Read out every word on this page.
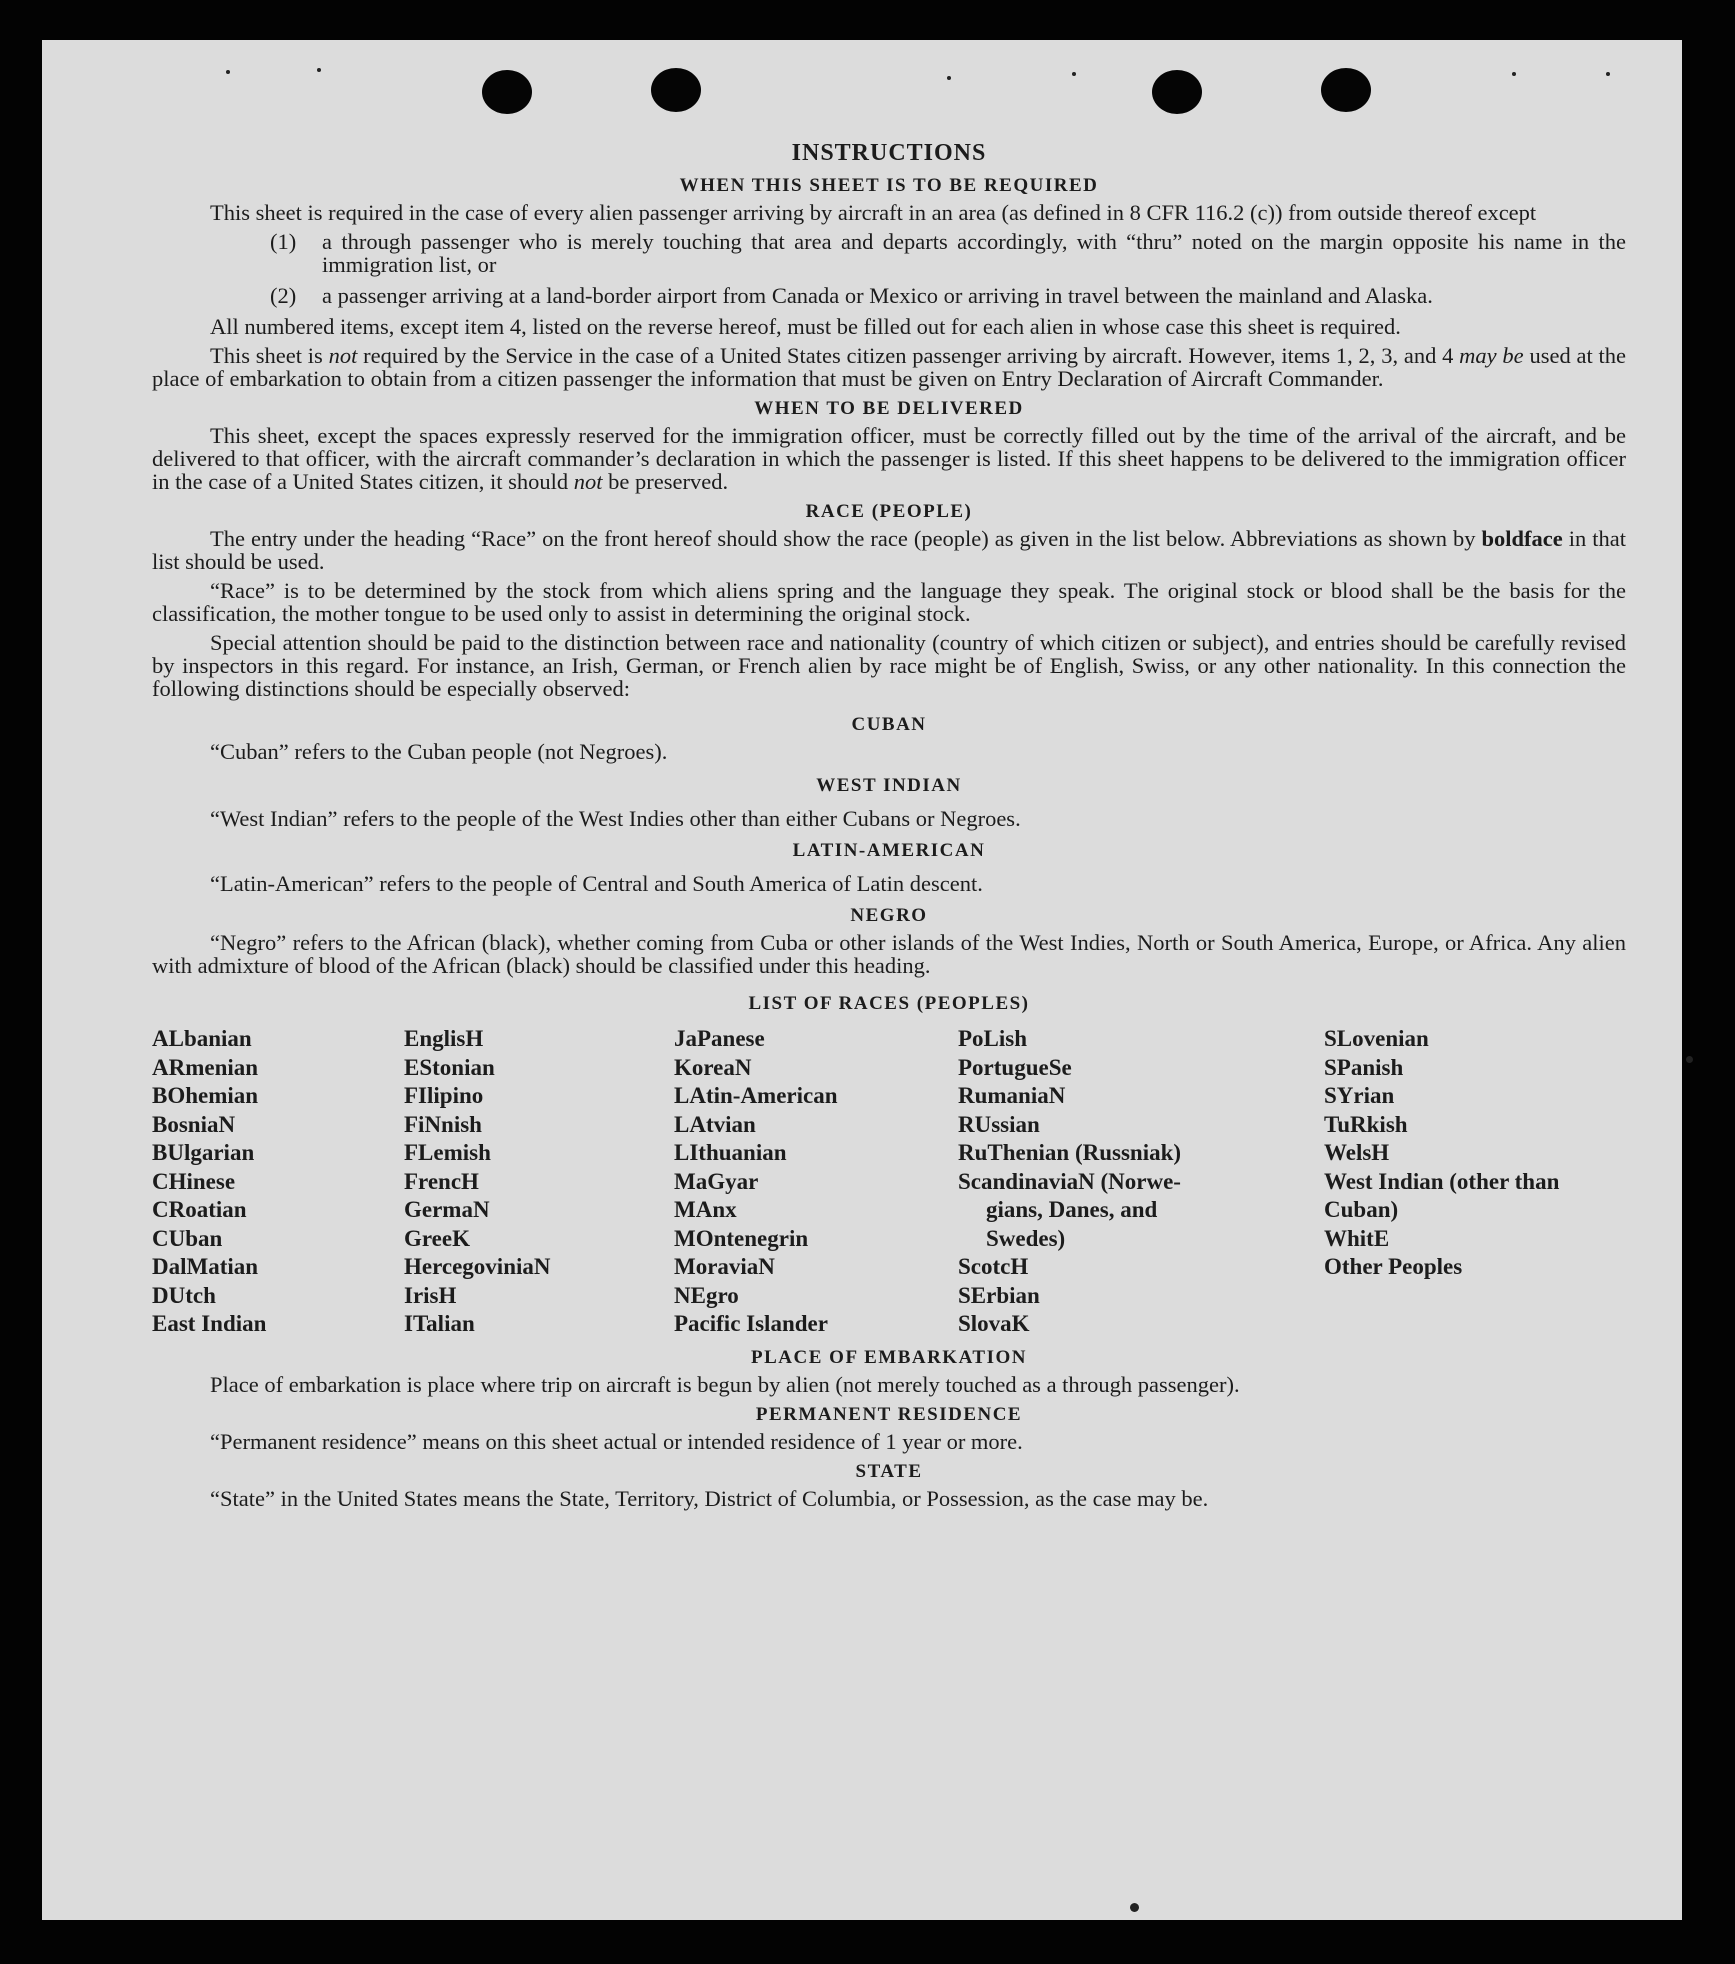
INSTRUCTIONS
WHEN THIS SHEET IS TO BE REQUIRED

This sheet is required in the case of every alien passenger arriving by aircraft in an area (as defined in 8 CFR 116.2 (c)) from outside thereof except

(1)	a through passenger who is merely touching that area and departs accordingly, with “thru” noted on the margin opposite his name in the immigration list, or
(2)	a passenger arriving at a land-border airport from Canada or Mexico or arriving in travel between the mainland and Alaska.

All numbered items, except item 4, listed on the reverse hereof, must be filled out for each alien in whose case this sheet is required.

This sheet is not required by the Service in the case of a United States citizen passenger arriving by aircraft. However, items 1, 2, 3, and 4 may be used at the place of embarkation to obtain from a citizen passenger the information that must be given on Entry Declaration of Aircraft Commander.

WHEN TO BE DELIVERED

This sheet, except the spaces expressly reserved for the immigration officer, must be correctly filled out by the time of the arrival of the aircraft, and be delivered to that officer, with the aircraft commander’s declaration in which the passenger is listed. If this sheet happens to be delivered to the immigration officer in the case of a United States citizen, it should not be preserved.

RACE (PEOPLE)

The entry under the heading “Race” on the front hereof should show the race (people) as given in the list below. Abbreviations as shown by boldface in that list should be used.

“Race” is to be determined by the stock from which aliens spring and the language they speak. The original stock or blood shall be the basis for the classification, the mother tongue to be used only to assist in determining the original stock.

Special attention should be paid to the distinction between race and nationality (country of which citizen or subject), and entries should be carefully revised by inspectors in this regard. For instance, an Irish, German, or French alien by race might be of English, Swiss, or any other nationality. In this connection the following distinctions should be especially observed:

CUBAN

“Cuban” refers to the Cuban people (not Negroes).

WEST INDIAN

“West Indian” refers to the people of the West Indies other than either Cubans or Negroes.

LATIN-AMERICAN

“Latin-American” refers to the people of Central and South America of Latin descent.

NEGRO

“Negro” refers to the African (black), whether coming from Cuba or other islands of the West Indies, North or South America, Europe, or Africa. Any alien with admixture of blood of the African (black) should be classified under this heading.

LIST OF RACES (PEOPLES)
ALbanian
ARmenian
BOhemian
BosniaN
BUlgarian
CHinese
CRoatian
CUban
DalMatian
DUtch
East Indian
EnglisH
EStonian
FIlipino
FiNnish
FLemish
FrencH
GermaN
GreeK
HercegoviniaN
IrisH
ITalian
JaPanese
KoreaN
LAtin-American
LAtvian
LIthuanian
MaGyar
MAnx
MOntenegrin
MoraviaN
NEgro
Pacific Islander
PoLish
PortugueSe
RumaniaN
RUssian
RuThenian (Russniak)
ScandinaviaN (Norwe-
gians, Danes, and
Swedes)
ScotcH
SErbian
SlovaK
SLovenian
SPanish
SYrian
TuRkish
WelsH
West Indian (other than Cuban)
WhitE
Other Peoples
PLACE OF EMBARKATION

Place of embarkation is place where trip on aircraft is begun by alien (not merely touched as a through passenger).

PERMANENT RESIDENCE

“Permanent residence” means on this sheet actual or intended residence of 1 year or more.

STATE

“State” in the United States means the State, Territory, District of Columbia, or Possession, as the case may be.
